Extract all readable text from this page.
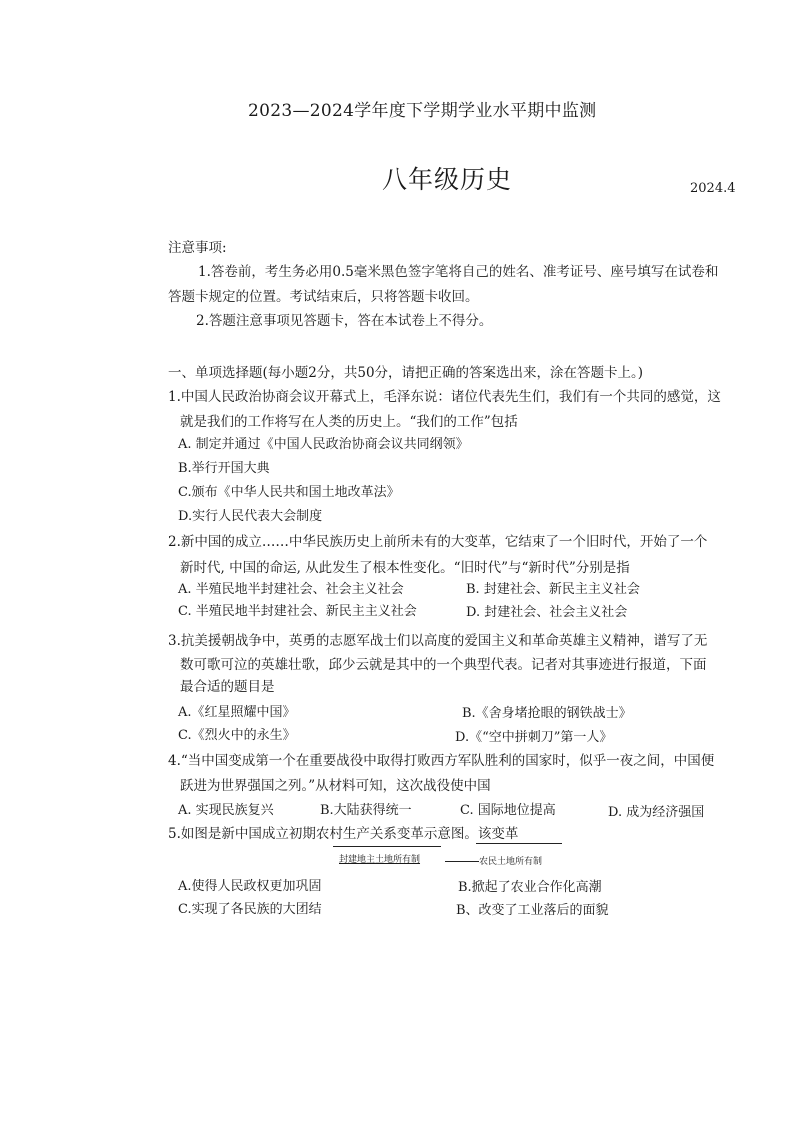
2023—2024学年度下学期学业水平期中监测
八年级历史	2024.4
注意事项:
1.答卷前，考生务必用0.5毫米黑色签字笔将自己的姓名、准考证号、座号填写在试卷和
答题卡规定的位置。考试结束后，只将答题卡收回。
2.答题注意事项见答题卡，答在本试卷上不得分。
一、单项选择题(每小题2分，共50分，请把正确的答案选出来，涂在答题卡上。)
1.中国人民政治协商会议开幕式上，毛泽东说：诸位代表先生们，我们有一个共同的感觉，这
就是我们的工作将写在人类的历史上。“我们的工作”包括
A. 制定并通过《中国人民政治协商会议共同纲领》
B.举行开国大典
C.颁布《中华人民共和国土地改革法》
D.实行人民代表大会制度
2.新中国的成立……中华民族历史上前所未有的大变革，它结束了一个旧时代，开始了一个
新时代, 中国的命运, 从此发生了根本性变化。“旧时代”与“新时代”分别是指
A. 半殖民地半封建社会、社会主义社会	B. 封建社会、新民主主义社会
C. 半殖民地半封建社会、新民主主义社会	D. 封建社会、社会主义社会
3.抗美援朝战争中，英勇的志愿军战士们以高度的爱国主义和革命英雄主义精神，谱写了无
数可歌可泣的英雄壮歌，邱少云就是其中的一个典型代表。记者对其事迹进行报道，下面
最合适的题目是
A.《红星照耀中国》	B.《舍身堵抢眼的钢铁战士》
C.《烈火中的永生》	D.《“空中拼刺刀”第一人》
4.“当中国变成第一个在重要战役中取得打败西方军队胜利的国家时，似乎一夜之间，中国便
跃进为世界强国之列。”从材料可知，这次战役使中国
A. 实现民族复兴	B.大陆获得统一	C. 国际地位提高	D. 成为经济强国
5.如图是新中国成立初期农村生产关系变革示意图。该变革
封建地主土地所有制	农民土地所有制
A.使得人民政权更加巩固	B.掀起了农业合作化高潮
C.实现了各民族的大团结	B、改变了工业落后的面貌
